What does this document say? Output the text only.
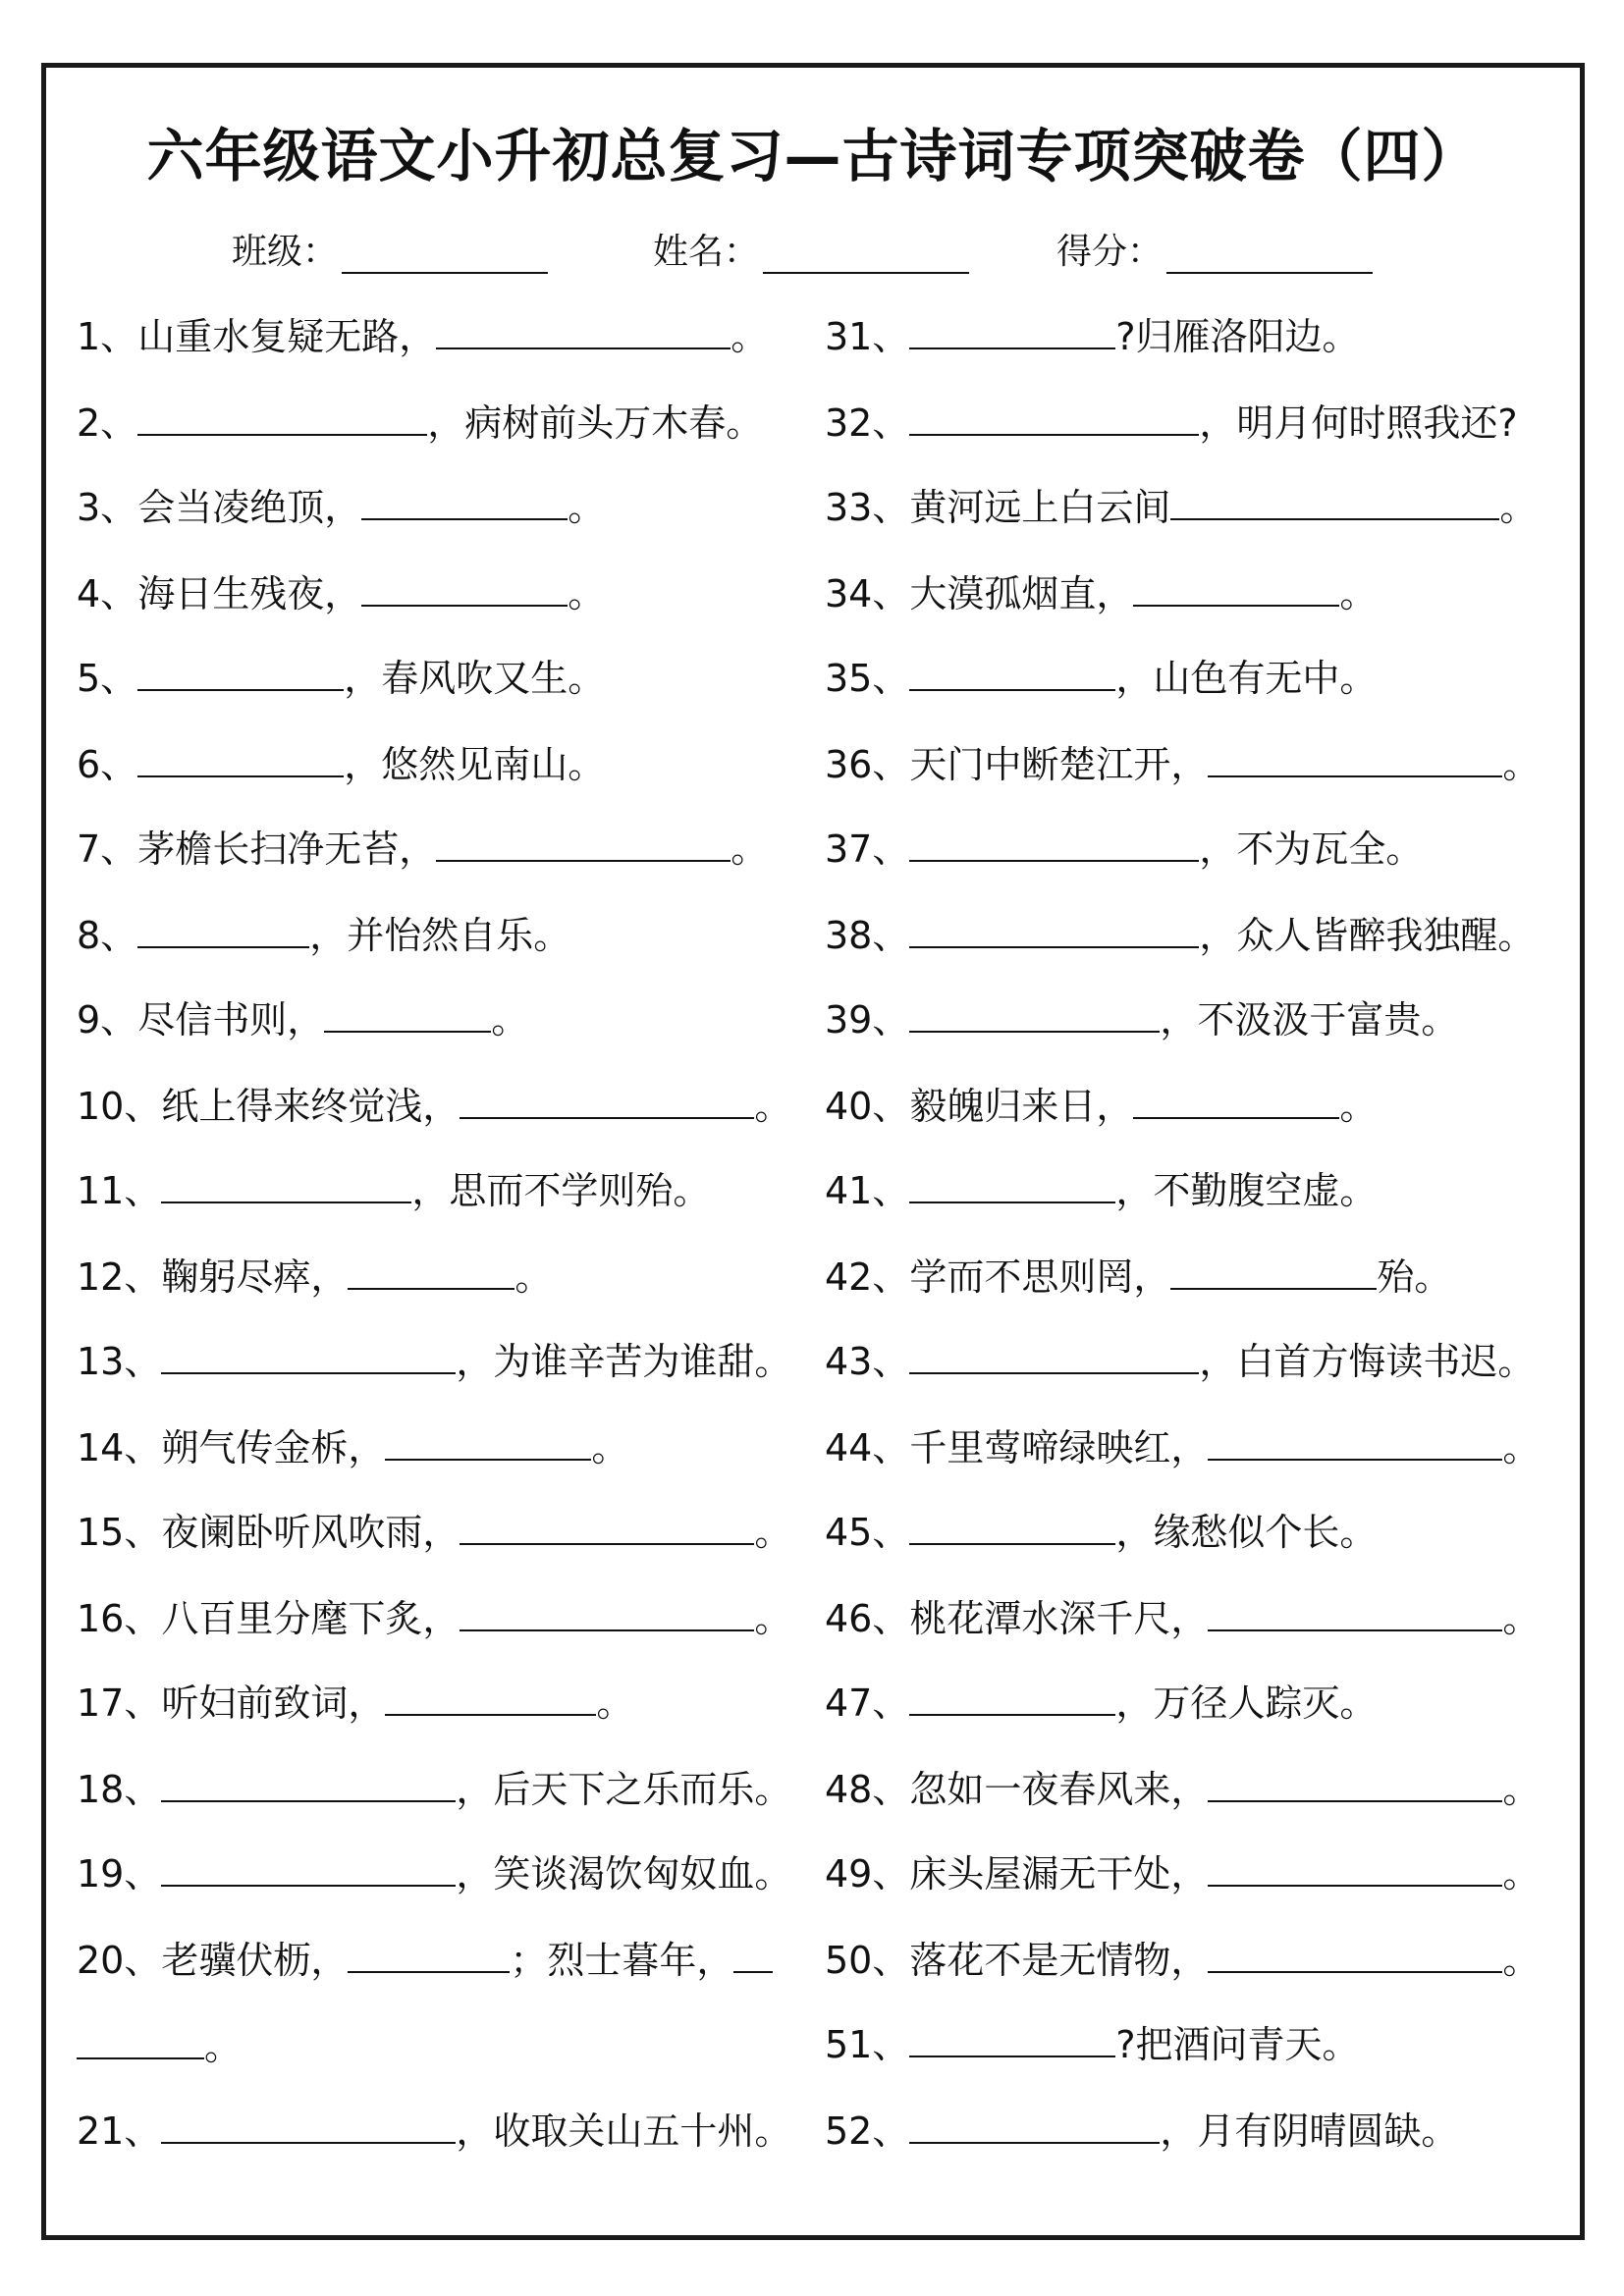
六年级语文小升初总复习—古诗词专项突破卷（四）
班级：	姓名：	得分：
1、山重水复疑无路，	。
2、	，病树前头万木春。
3、会当凌绝顶，	。
4、海日生残夜，	。
5、	，春风吹又生。
6、	，悠然见南山。
7、茅檐长扫净无苔，	。
8、	，并怡然自乐。
9、尽信书则，	。
10、纸上得来终觉浅，	。
11、	，思而不学则殆。
12、鞠躬尽瘁，	。
13、	，为谁辛苦为谁甜。
14、朔气传金柝，	。
15、夜阑卧听风吹雨，	。
16、八百里分麾下炙，	。
17、听妇前致词，	。
18、	，后天下之乐而乐。
19、	，笑谈渴饮匈奴血。
20、老骥伏枥，	；烈士暮年，
。
21、	，收取关山五十州。
31、	?归雁洛阳边。
32、	，明月何时照我还?
33、黄河远上白云间	。
34、大漠孤烟直，	。
35、	，山色有无中。
36、天门中断楚江开，	。
37、	，不为瓦全。
38、	，众人皆醉我独醒。
39、	，不汲汲于富贵。
40、毅魄归来日，	。
41、	，不勤腹空虚。
42、学而不思则罔，	殆。
43、	，白首方悔读书迟。
44、千里莺啼绿映红，	。
45、	，缘愁似个长。
46、桃花潭水深千尺，	。
47、	，万径人踪灭。
48、忽如一夜春风来，	。
49、床头屋漏无干处，	。
50、落花不是无情物，	。
51、	?把酒问青天。
52、	，月有阴晴圆缺。
